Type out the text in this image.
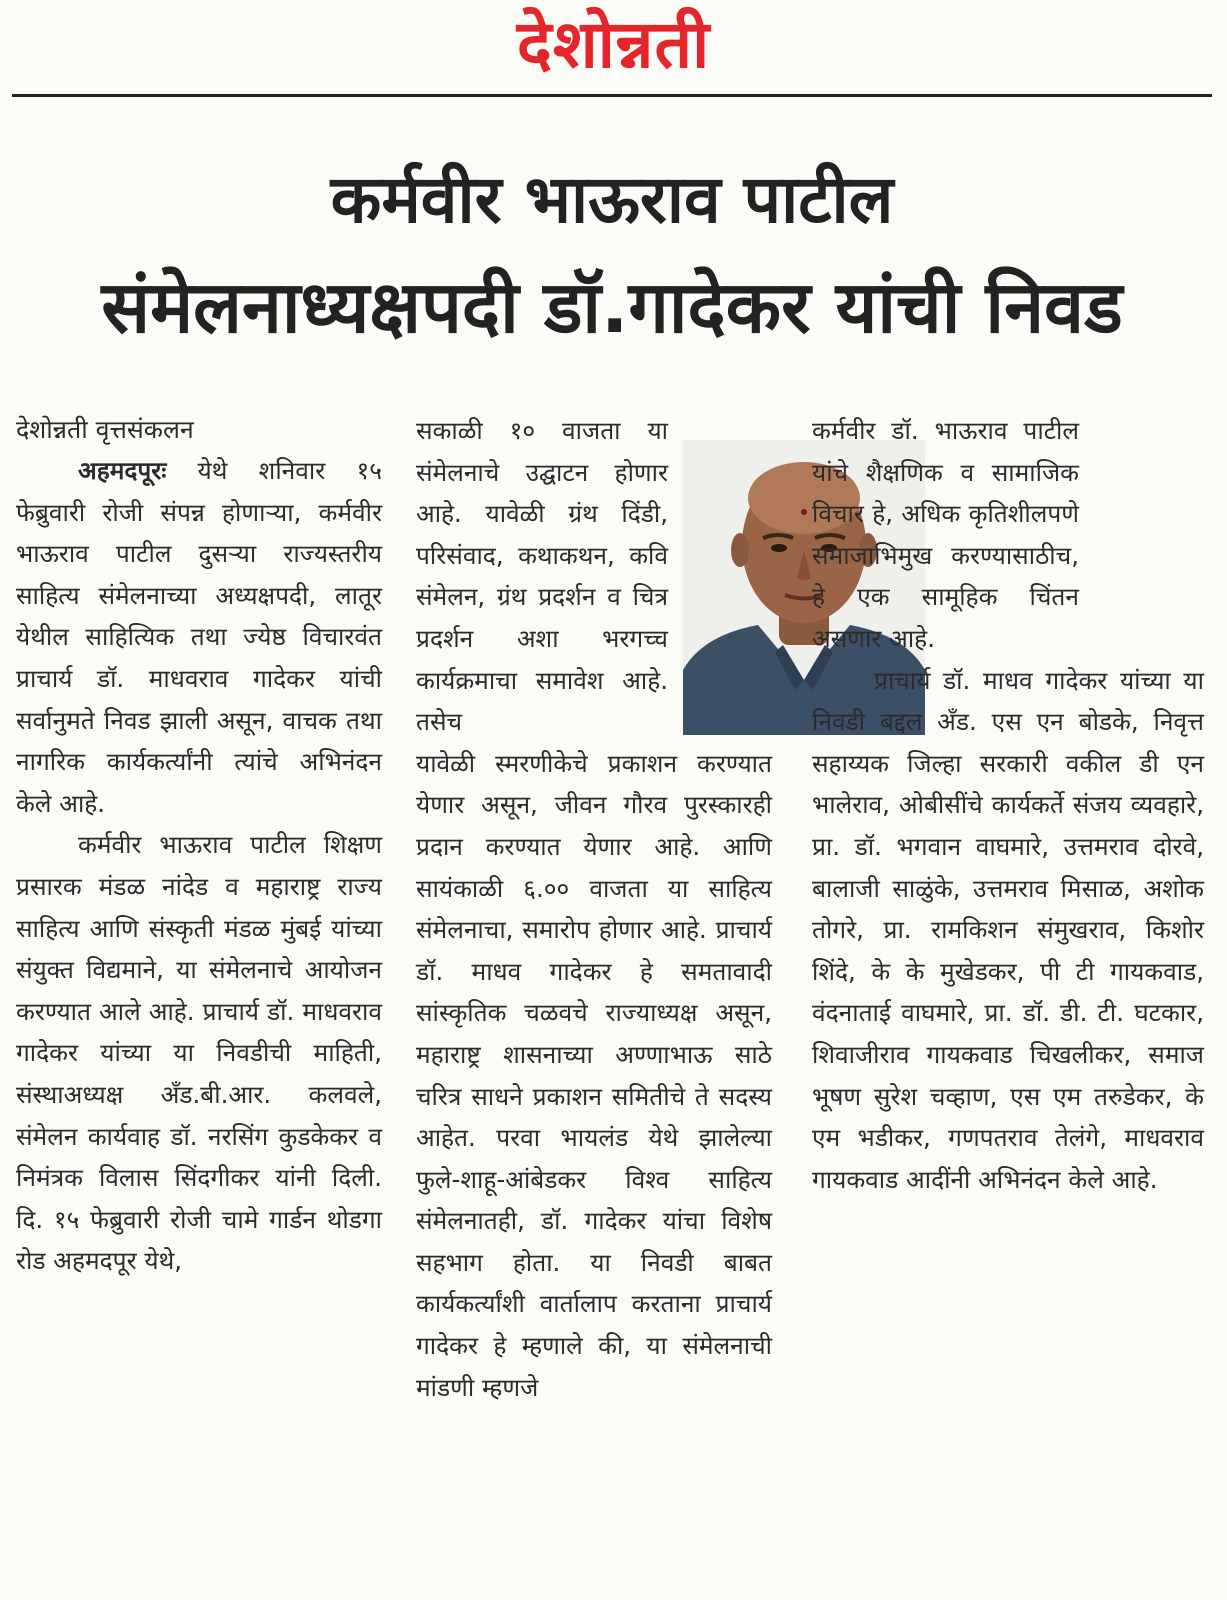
देशोन्नती
कर्मवीर भाऊराव पाटील
संमेलनाध्यक्षपदी डॉ.गादेकर यांची निवड

देशोन्नती वृत्तसंकलन

अहमदपूरः येथे शनिवार १५ फेब्रुवारी रोजी संपन्न होणाऱ्या, कर्मवीर भाऊराव पाटील दुसऱ्या राज्यस्तरीय साहित्य संमेलनाच्या अध्यक्षपदी, लातूर येथील साहित्यिक तथा ज्येष्ठ विचारवंत प्राचार्य डॉ. माधवराव गादेकर यांची सर्वानुमते निवड झाली असून, वाचक तथा नागरिक कार्यकर्त्यांनी त्यांचे अभिनंदन केले आहे.

कर्मवीर भाऊराव पाटील शिक्षण प्रसारक मंडळ नांदेड व महाराष्ट्र राज्य साहित्य आणि संस्कृती मंडळ मुंबई यांच्या संयुक्त विद्यमाने, या संमेलनाचे आयोजन करण्यात आले आहे. प्राचार्य डॉ. माधवराव गादेकर यांच्या या निवडीची माहिती, संस्थाअध्यक्ष अँड.बी.आर. कलवले, संमेलन कार्यवाह डॉ. नरसिंग कुडकेकर व निमंत्रक विलास सिंदगीकर यांनी दिली. दि. १५ फेब्रुवारी रोजी चामे गार्डन थोडगा रोड अहमदपूर येथे,

सकाळी १० वाजता या संमेलनाचे उद्घाटन होणार आहे. यावेळी ग्रंथ दिंडी, परिसंवाद, कथाकथन, कवि संमेलन, ग्रंथ प्रदर्शन व चित्र प्रदर्शन अशा भरगच्च कार्यक्रमाचा समावेश आहे. तसेच

यावेळी स्मरणीकेचे प्रकाशन करण्यात येणार असून, जीवन गौरव पुरस्कारही प्रदान करण्यात येणार आहे. आणि सायंकाळी ६.०० वाजता या साहित्य संमेलनाचा, समारोप होणार आहे. प्राचार्य डॉ. माधव गादेकर हे समतावादी सांस्कृतिक चळवचे राज्याध्यक्ष असून, महाराष्ट्र शासनाच्या अण्णाभाऊ साठे चरित्र साधने प्रकाशन समितीचे ते सदस्य आहेत. परवा भायलंड येथे झालेल्या फुले-शाहू-आंबेडकर विश्व साहित्य संमेलनातही, डॉ. गादेकर यांचा विशेष सहभाग होता. या निवडी बाबत कार्यकर्त्यांशी वार्तालाप करताना प्राचार्य गादेकर हे म्हणाले की, या संमेलनाची मांडणी म्हणजे

कर्मवीर डॉ. भाऊराव पाटील यांचे शैक्षणिक व सामाजिक विचार हे, अधिक कृतिशीलपणे समाजाभिमुख करण्यासाठीच, हे एक सामूहिक चिंतन असणार आहे.

प्राचार्य डॉ. माधव गादेकर यांच्या या निवडी बद्दल अँड. एस एन बोडके, निवृत्त सहाय्यक जिल्हा सरकारी वकील डी एन भालेराव, ओबीसींचे कार्यकर्ते संजय व्यवहारे, प्रा. डॉ. भगवान वाघमारे, उत्तमराव दोरवे, बालाजी साळुंके, उत्तमराव मिसाळ, अशोक तोगरे, प्रा. रामकिशन संमुखराव, किशोर शिंदे, के के मुखेडकर, पी टी गायकवाड, वंदनाताई वाघमारे, प्रा. डॉ. डी. टी. घटकार, शिवाजीराव गायकवाड चिखलीकर, समाज भूषण सुरेश चव्हाण, एस एम तरुडेकर, के एम भडीकर, गणपतराव तेलंगे, माधवराव गायकवाड आदींनी अभिनंदन केले आहे.
